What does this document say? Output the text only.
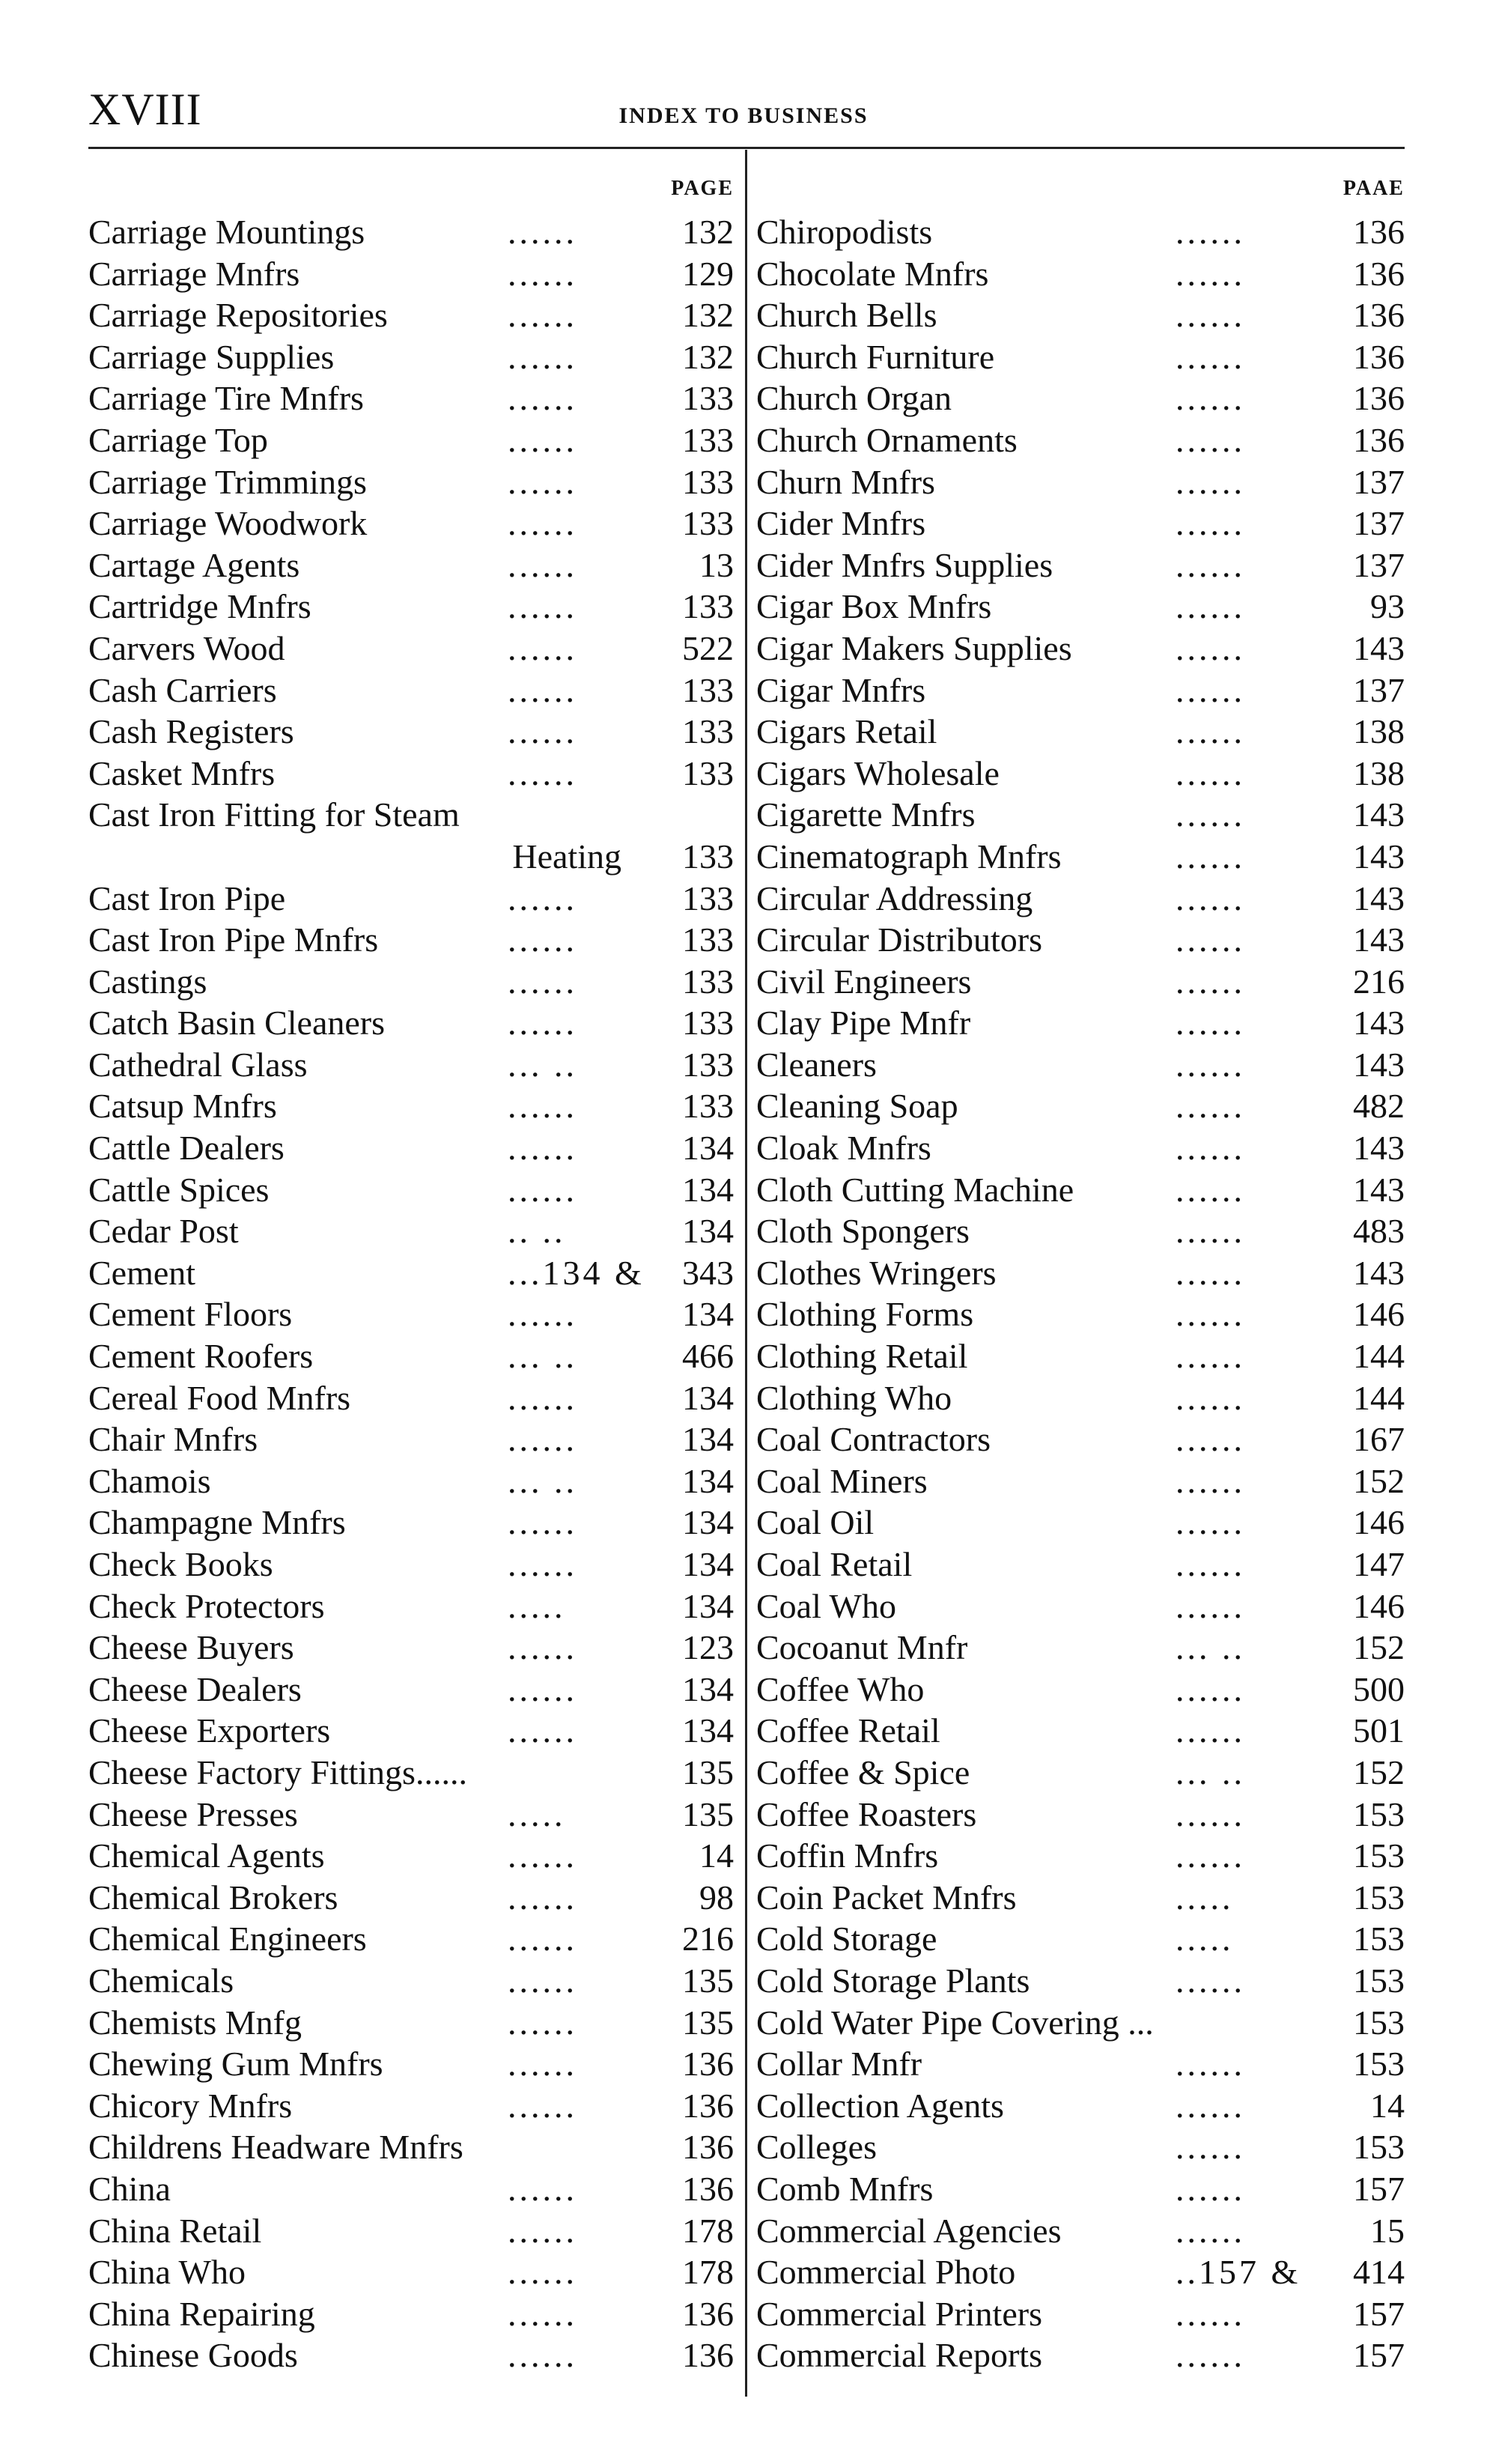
XVIII	INDEX TO BUSINESS
PAGE
Carriage Mountings	......	132
Carriage Mnfrs	......	129
Carriage Repositories	......	132
Carriage Supplies	......	132
Carriage Tire Mnfrs	......	133
Carriage Top	......	133
Carriage Trimmings	......	133
Carriage Woodwork	......	133
Cartage Agents	......	13
Cartridge Mnfrs	......	133
Carvers Wood	......	522
Cash Carriers	......	133
Cash Registers	......	133
Casket Mnfrs	......	133
Cast Iron Fitting for Steam
Heating 133
Cast Iron Pipe	......	133
Cast Iron Pipe Mnfrs	......	133
Castings	......	133
Catch Basin Cleaners	......	133
Cathedral Glass	... ..	133
Catsup Mnfrs	......	133
Cattle Dealers	......	134
Cattle Spices	......	134
Cedar Post	.. ..	134
Cement	...134 & 343
Cement Floors	......	134
Cement Roofers	... ..	466
Cereal Food Mnfrs	......	134
Chair Mnfrs	......	134
Chamois	... ..	134
Champagne Mnfrs	......	134
Check Books	......	134
Check Protectors	.....	134
Cheese Buyers	......	123
Cheese Dealers	......	134
Cheese Exporters	......	134
Cheese Factory Fittings......	135
Cheese Presses	.....	135
Chemical Agents	......	14
Chemical Brokers	......	98
Chemical Engineers	......	216
Chemicals	......	135
Chemists Mnfg	......	135
Chewing Gum Mnfrs	......	136
Chicory Mnfrs	......	136
Childrens Headware Mnfrs	136
China	......	136
China Retail	......	178
China Who	......	178
China Repairing	......	136
Chinese Goods	......	136
PAAE
Chiropodists	......	136
Chocolate Mnfrs	......	136
Church Bells	......	136
Church Furniture	......	136
Church Organ	......	136
Church Ornaments	......	136
Churn Mnfrs	......	137
Cider Mnfrs	......	137
Cider Mnfrs Supplies	......	137
Cigar Box Mnfrs	......	93
Cigar Makers Supplies	......	143
Cigar Mnfrs	......	137
Cigars Retail	......	138
Cigars Wholesale	......	138
Cigarette Mnfrs	......	143
Cinematograph Mnfrs	......	143
Circular Addressing	......	143
Circular Distributors	......	143
Civil Engineers	......	216
Clay Pipe Mnfr	......	143
Cleaners	......	143
Cleaning Soap	......	482
Cloak Mnfrs	......	143
Cloth Cutting Machine	......	143
Cloth Spongers	......	483
Clothes Wringers	......	143
Clothing Forms	......	146
Clothing Retail	......	144
Clothing Who	......	144
Coal Contractors	......	167
Coal Miners	......	152
Coal Oil	......	146
Coal Retail	......	147
Coal Who	......	146
Cocoanut Mnfr	... ..	152
Coffee Who	......	500
Coffee Retail	......	501
Coffee & Spice	... ..	152
Coffee Roasters	......	153
Coffin Mnfrs	......	153
Coin Packet Mnfrs	.....	153
Cold Storage	.....	153
Cold Storage Plants	......	153
Cold Water Pipe Covering ...	153
Collar Mnfr	......	153
Collection Agents	......	14
Colleges	......	153
Comb Mnfrs	......	157
Commercial Agencies	......	15
Commercial Photo	..157 & 414
Commercial Printers	......	157
Commercial Reports	......	157
